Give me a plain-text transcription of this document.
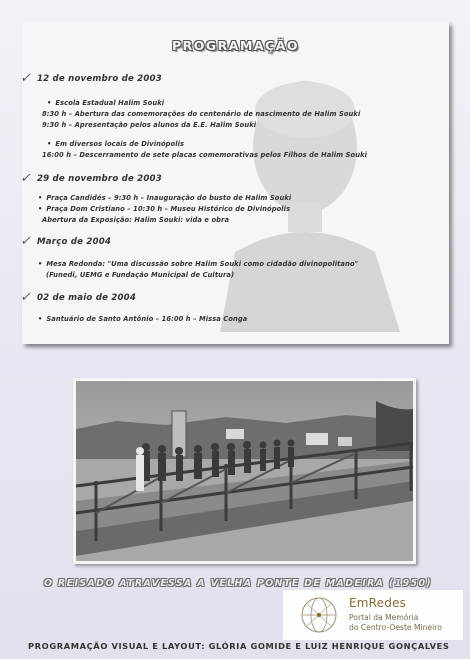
PROGRAMAÇÃO
✓ 12 de novembro de 2003
• Escola Estadual Halim Souki
8:30 h – Abertura das comemorações do centenário de nascimento de Halim Souki
9:30 h – Apresentação pelos alunos da E.E. Halim Souki
• Em diversos locais de Divinópolis
16:00 h – Descerramento de sete placas comemorativas pelos Filhos de Halim Souki
✓ 29 de novembro de 2003
• Praça Candidés – 9:30 h – Inauguração do busto de Halim Souki
• Praça Dom Cristiano – 10:30 h – Museu Histórico de Divinópolis
Abertura da Exposição: Halim Souki: vida e obra
✓ Março de 2004
• Mesa Redonda: "Uma discussão sobre Halim Souki como cidadão divinopolitano"
(Funedi, UEMG e Fundação Municipal de Cultura)
✓ 02 de maio de 2004
• Santuário de Santo Antônio – 16:00 h – Missa Conga
O REISADO ATRAVESSA A VELHA PONTE DE MADEIRA (1950)
PROGRAMAÇÃO VISUAL E LAYOUT: GLÓRIA GOMIDE E LUIZ HENRIQUE GONÇALVES
EmRedes
Portal da Memória
do Centro-Oeste Mineiro
